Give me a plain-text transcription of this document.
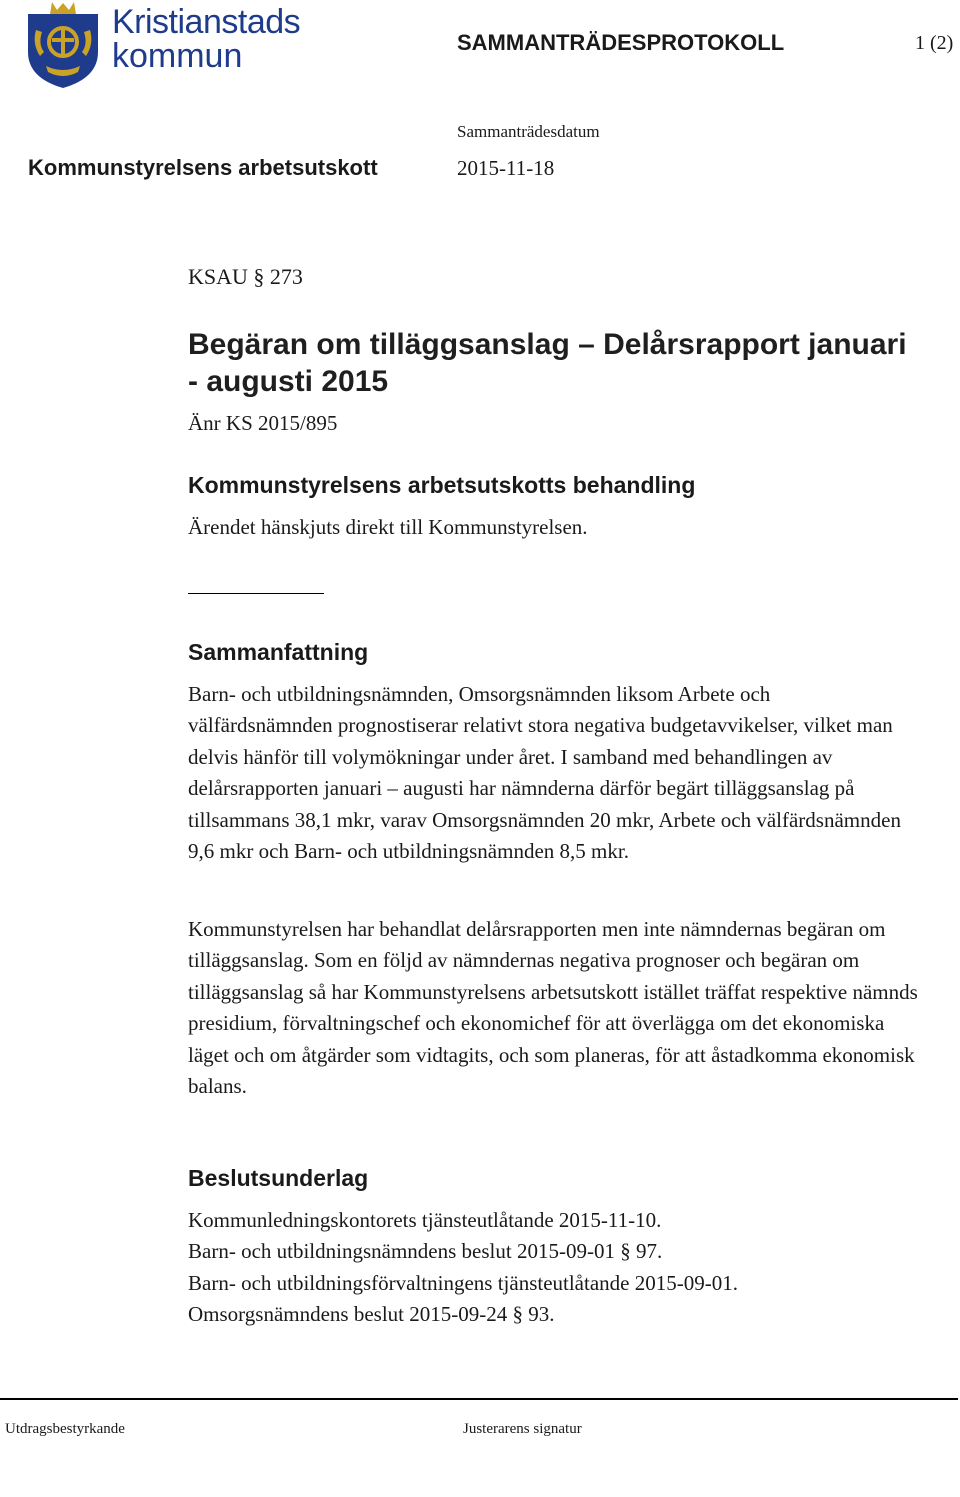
Kristianstads
kommun	SAMMANTRÄDESPROTOKOLL	1 (2)
Sammanträdesdatum
Kommunstyrelsens arbetsutskott	2015-11-18
KSAU § 273
Begäran om tilläggsanslag – Delårsrapport januari - augusti 2015
Änr KS 2015/895
Kommunstyrelsens arbetsutskotts behandling
Ärendet hänskjuts direkt till Kommunstyrelsen.
Sammanfattning

Barn- och utbildningsnämnden, Omsorgsnämnden liksom Arbete och välfärdsnämnden prognostiserar relativt stora negativa budgetavvikelser, vilket man delvis hänför till volymökningar under året. I samband med behandlingen av delårsrapporten januari – augusti har nämnderna därför begärt tilläggsanslag på tillsammans 38,1 mkr, varav Omsorgsnämnden 20 mkr, Arbete och välfärdsnämnden 9,6 mkr och Barn- och utbildningsnämnden 8,5 mkr.

Kommunstyrelsen har behandlat delårsrapporten men inte nämndernas begäran om tilläggsanslag. Som en följd av nämndernas negativa prognoser och begäran om tilläggsanslag så har Kommunstyrelsens arbetsutskott istället träffat respektive nämnds presidium, förvaltningschef och ekonomichef för att överlägga om det ekonomiska läget och om åtgärder som vidtagits, och som planeras, för att åstadkomma ekonomisk balans.

Beslutsunderlag
Kommunledningskontorets tjänsteutlåtande 2015-11-10.
Barn- och utbildningsnämndens beslut 2015-09-01 § 97.
Barn- och utbildningsförvaltningens tjänsteutlåtande 2015-09-01.
Omsorgsnämndens beslut 2015-09-24 § 93.
Utdragsbestyrkande	Justerarens signatur
